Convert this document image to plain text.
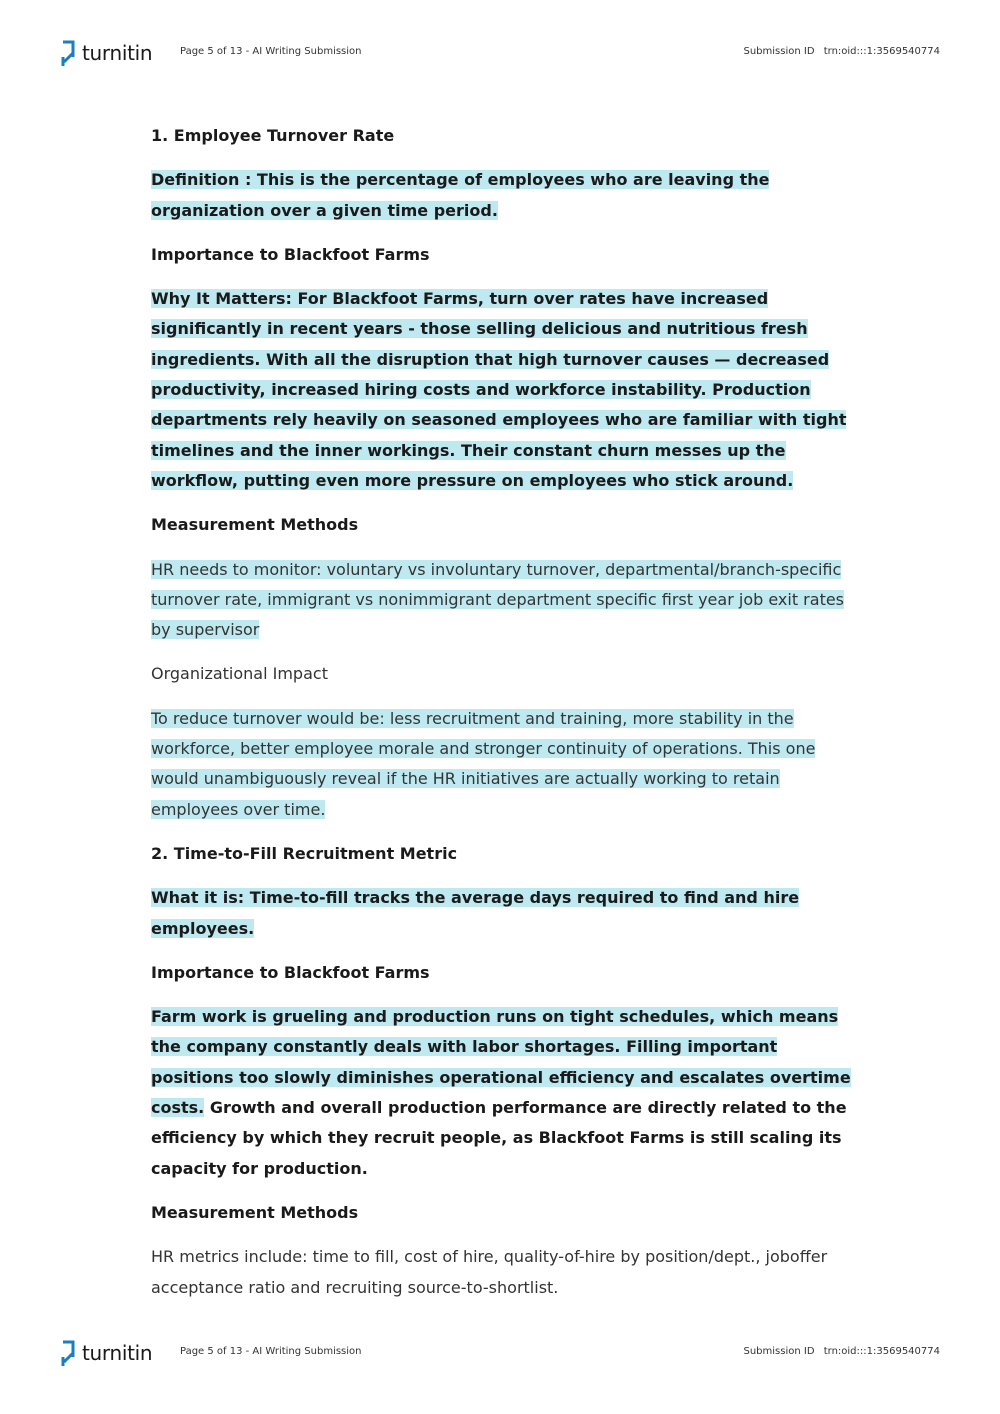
turnitin	Page 5 of 13 - AI Writing Submission	Submission ID trn:oid:::1:3569540774

1. Employee Turnover Rate

Definition : This is the percentage of employees who are leaving the organization over a given time period.

Importance to Blackfoot Farms

Why It Matters: For Blackfoot Farms, turn over rates have increased significantly in recent years - those selling delicious and nutritious fresh ingredients. With all the disruption that high turnover causes — decreased productivity, increased hiring costs and workforce instability. Production departments rely heavily on seasoned employees who are familiar with tight timelines and the inner workings. Their constant churn messes up the workflow, putting even more pressure on employees who stick around.

Measurement Methods

HR needs to monitor: voluntary vs involuntary turnover, departmental/branch-specific turnover rate, immigrant vs nonimmigrant department specific first year job exit rates by supervisor

Organizational Impact

To reduce turnover would be: less recruitment and training, more stability in the workforce, better employee morale and stronger continuity of operations. This one would unambiguously reveal if the HR initiatives are actually working to retain employees over time.

2. Time-to-Fill Recruitment Metric

What it is: Time-to-fill tracks the average days required to find and hire employees.

Importance to Blackfoot Farms

Farm work is grueling and production runs on tight schedules, which means the company constantly deals with labor shortages. Filling important positions too slowly diminishes operational efficiency and escalates overtime costs. Growth and overall production performance are directly related to the efficiency by which they recruit people, as Blackfoot Farms is still scaling its capacity for production.

Measurement Methods

HR metrics include: time to fill, cost of hire, quality-of-hire by position/dept., joboffer acceptance ratio and recruiting source-to-shortlist.

turnitin	Page 5 of 13 - AI Writing Submission	Submission ID trn:oid:::1:3569540774
